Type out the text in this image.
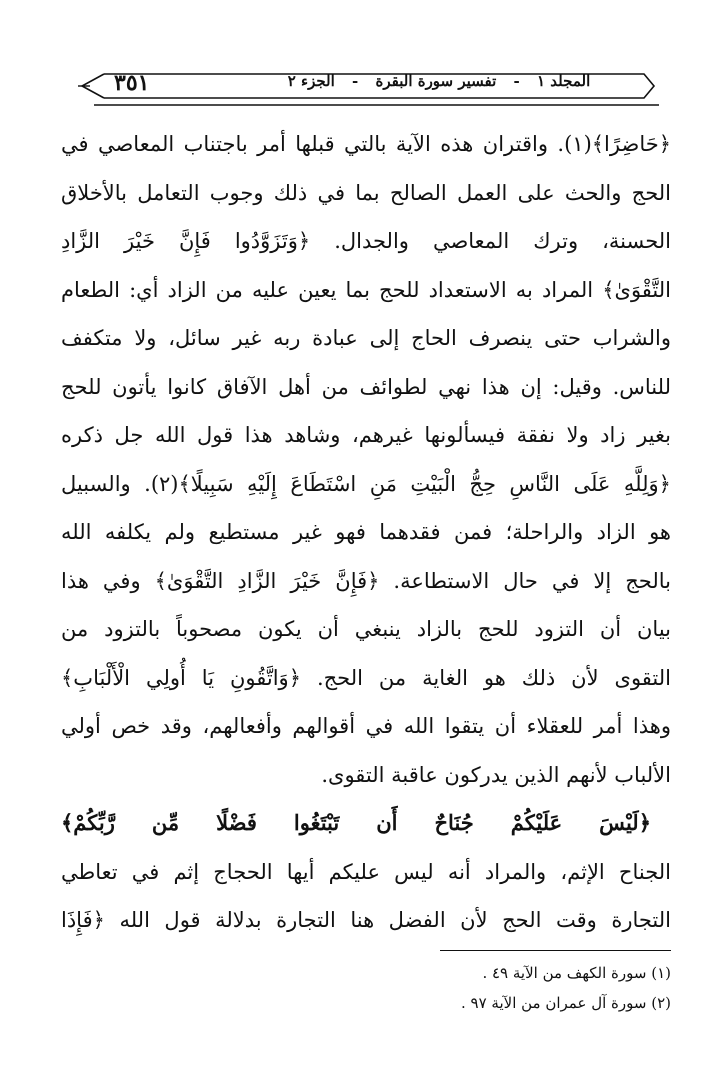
٣٥١	المجلد ١ - تفسير سورة البقرة - الجزء ٢
﴿حَاضِرًا﴾(١). واقتران هذه الآية بالتي قبلها أمر باجتناب المعاصي في
الحج والحث على العمل الصالح بما في ذلك وجوب التعامل بالأخلاق
الحسنة، وترك المعاصي والجدال. ﴿وَتَزَوَّدُوا فَإِنَّ خَيْرَ الزَّادِ
التَّقْوَىٰ﴾ المراد به الاستعداد للحج بما يعين عليه من الزاد أي: الطعام
والشراب حتى ينصرف الحاج إلى عبادة ربه غير سائل، ولا متكفف
للناس. وقيل: إن هذا نهي لطوائف من أهل الآفاق كانوا يأتون للحج
بغير زاد ولا نفقة فيسألونها غيرهم، وشاهد هذا قول الله جل ذكره
﴿وَلِلَّهِ عَلَى النَّاسِ حِجُّ الْبَيْتِ مَنِ اسْتَطَاعَ إِلَيْهِ سَبِيلًا﴾(٢). والسبيل
هو الزاد والراحلة؛ فمن فقدهما فهو غير مستطيع ولم يكلفه الله
بالحج إلا في حال الاستطاعة. ﴿فَإِنَّ خَيْرَ الزَّادِ التَّقْوَىٰ﴾ وفي هذا
بيان أن التزود للحج بالزاد ينبغي أن يكون مصحوباً بالتزود من
التقوى لأن ذلك هو الغاية من الحج. ﴿وَاتَّقُونِ يَا أُولِي الْأَلْبَابِ﴾
وهذا أمر للعقلاء أن يتقوا الله في أقوالهم وأفعالهم، وقد خص أولي
الألباب لأنهم الذين يدركون عاقبة التقوى.
﴿لَيْسَ عَلَيْكُمْ جُنَاحٌ أَن تَبْتَغُوا فَضْلًا مِّن رَّبِّكُمْ﴾
الجناح الإثم، والمراد أنه ليس عليكم أيها الحجاج إثم في تعاطي
التجارة وقت الحج لأن الفضل هنا التجارة بدلالة قول الله ﴿فَإِذَا
(١) سورة الكهف من الآية ٤٩ .
(٢) سورة آل عمران من الآية ٩٧ .
